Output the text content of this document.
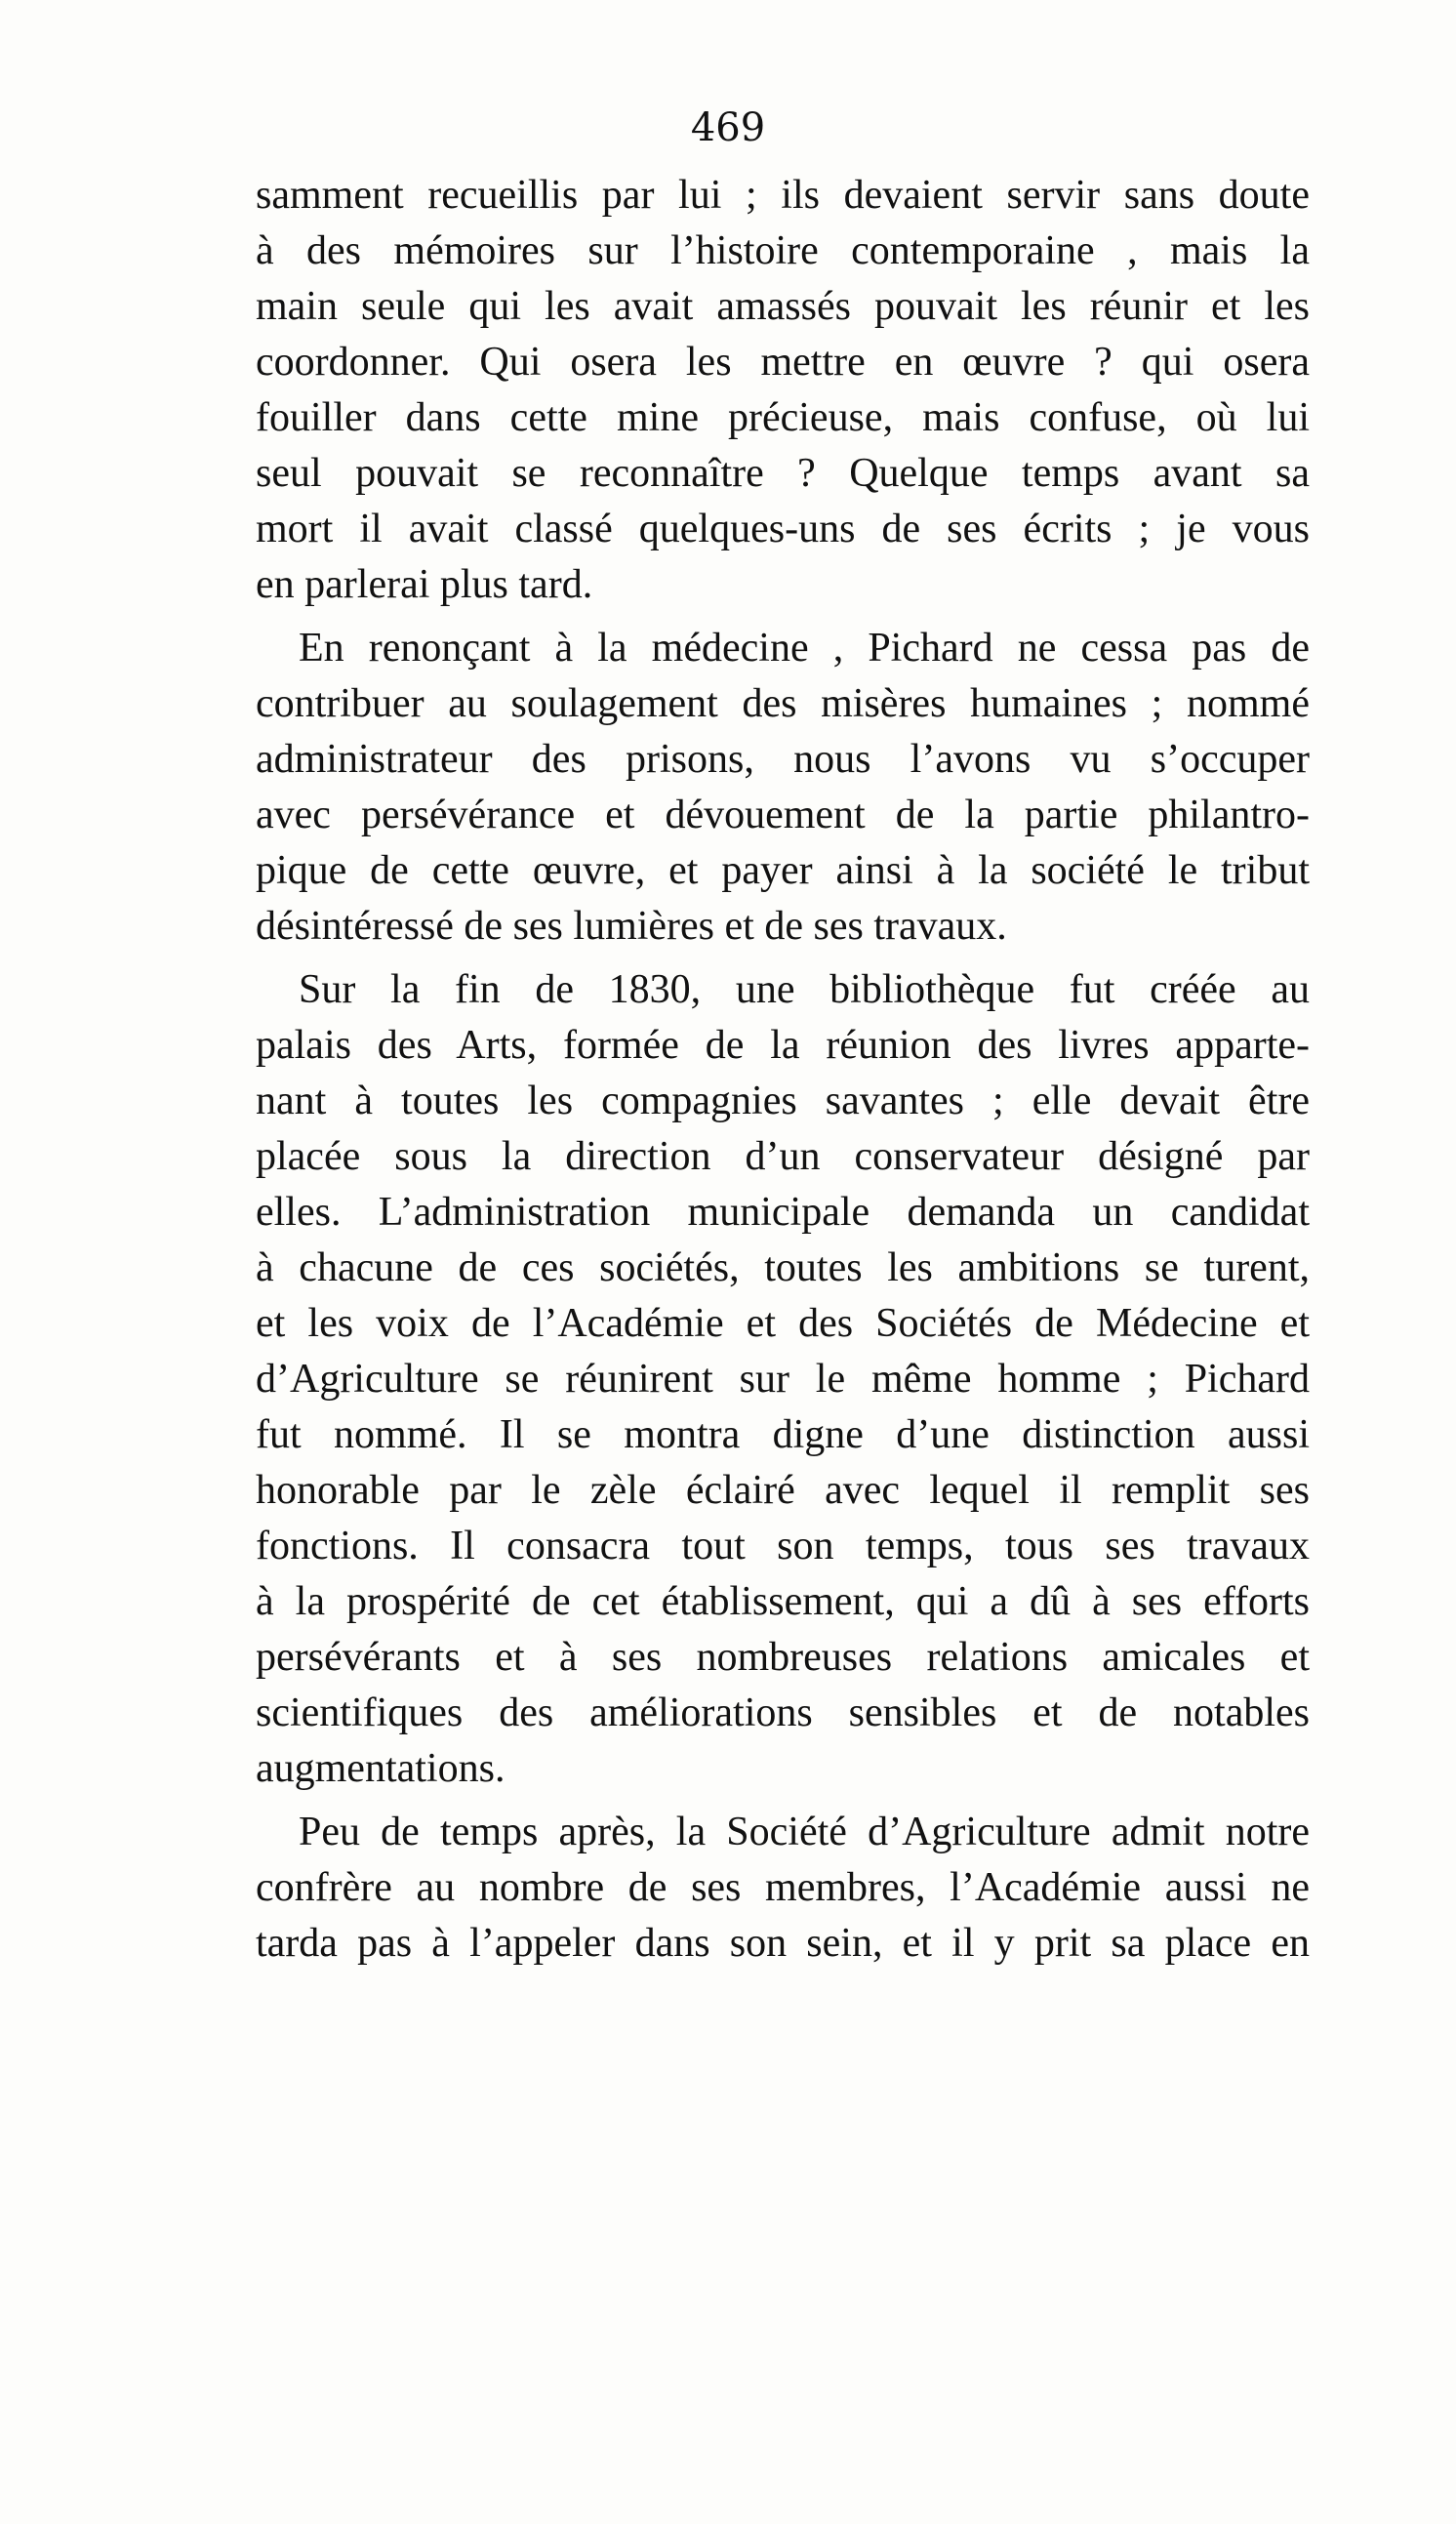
469
samment recueillis par lui ; ils devaient servir sans doute
à des mémoires sur l’histoire contemporaine , mais la
main seule qui les avait amassés pouvait les réunir et les
coordonner. Qui osera les mettre en œuvre ? qui osera
fouiller dans cette mine précieuse, mais confuse, où lui
seul pouvait se reconnaître ? Quelque temps avant sa
mort il avait classé quelques-uns de ses écrits ; je vous
en parlerai plus tard.
En renonçant à la médecine , Pichard ne cessa pas de
contribuer au soulagement des misères humaines ; nommé
administrateur des prisons, nous l’avons vu s’occuper
avec persévérance et dévouement de la partie philantro-
pique de cette œuvre, et payer ainsi à la société le tribut
désintéressé de ses lumières et de ses travaux.
Sur la fin de 1830, une bibliothèque fut créée au
palais des Arts, formée de la réunion des livres apparte-
nant à toutes les compagnies savantes ; elle devait être
placée sous la direction d’un conservateur désigné par
elles. L’administration municipale demanda un candidat
à chacune de ces sociétés, toutes les ambitions se turent,
et les voix de l’Académie et des Sociétés de Médecine et
d’Agriculture se réunirent sur le même homme ; Pichard
fut nommé. Il se montra digne d’une distinction aussi
honorable par le zèle éclairé avec lequel il remplit ses
fonctions. Il consacra tout son temps, tous ses travaux
à la prospérité de cet établissement, qui a dû à ses efforts
persévérants et à ses nombreuses relations amicales et
scientifiques des améliorations sensibles et de notables
augmentations.
Peu de temps après, la Société d’Agriculture admit notre
confrère au nombre de ses membres, l’Académie aussi ne
tarda pas à l’appeler dans son sein, et il y prit sa place en
